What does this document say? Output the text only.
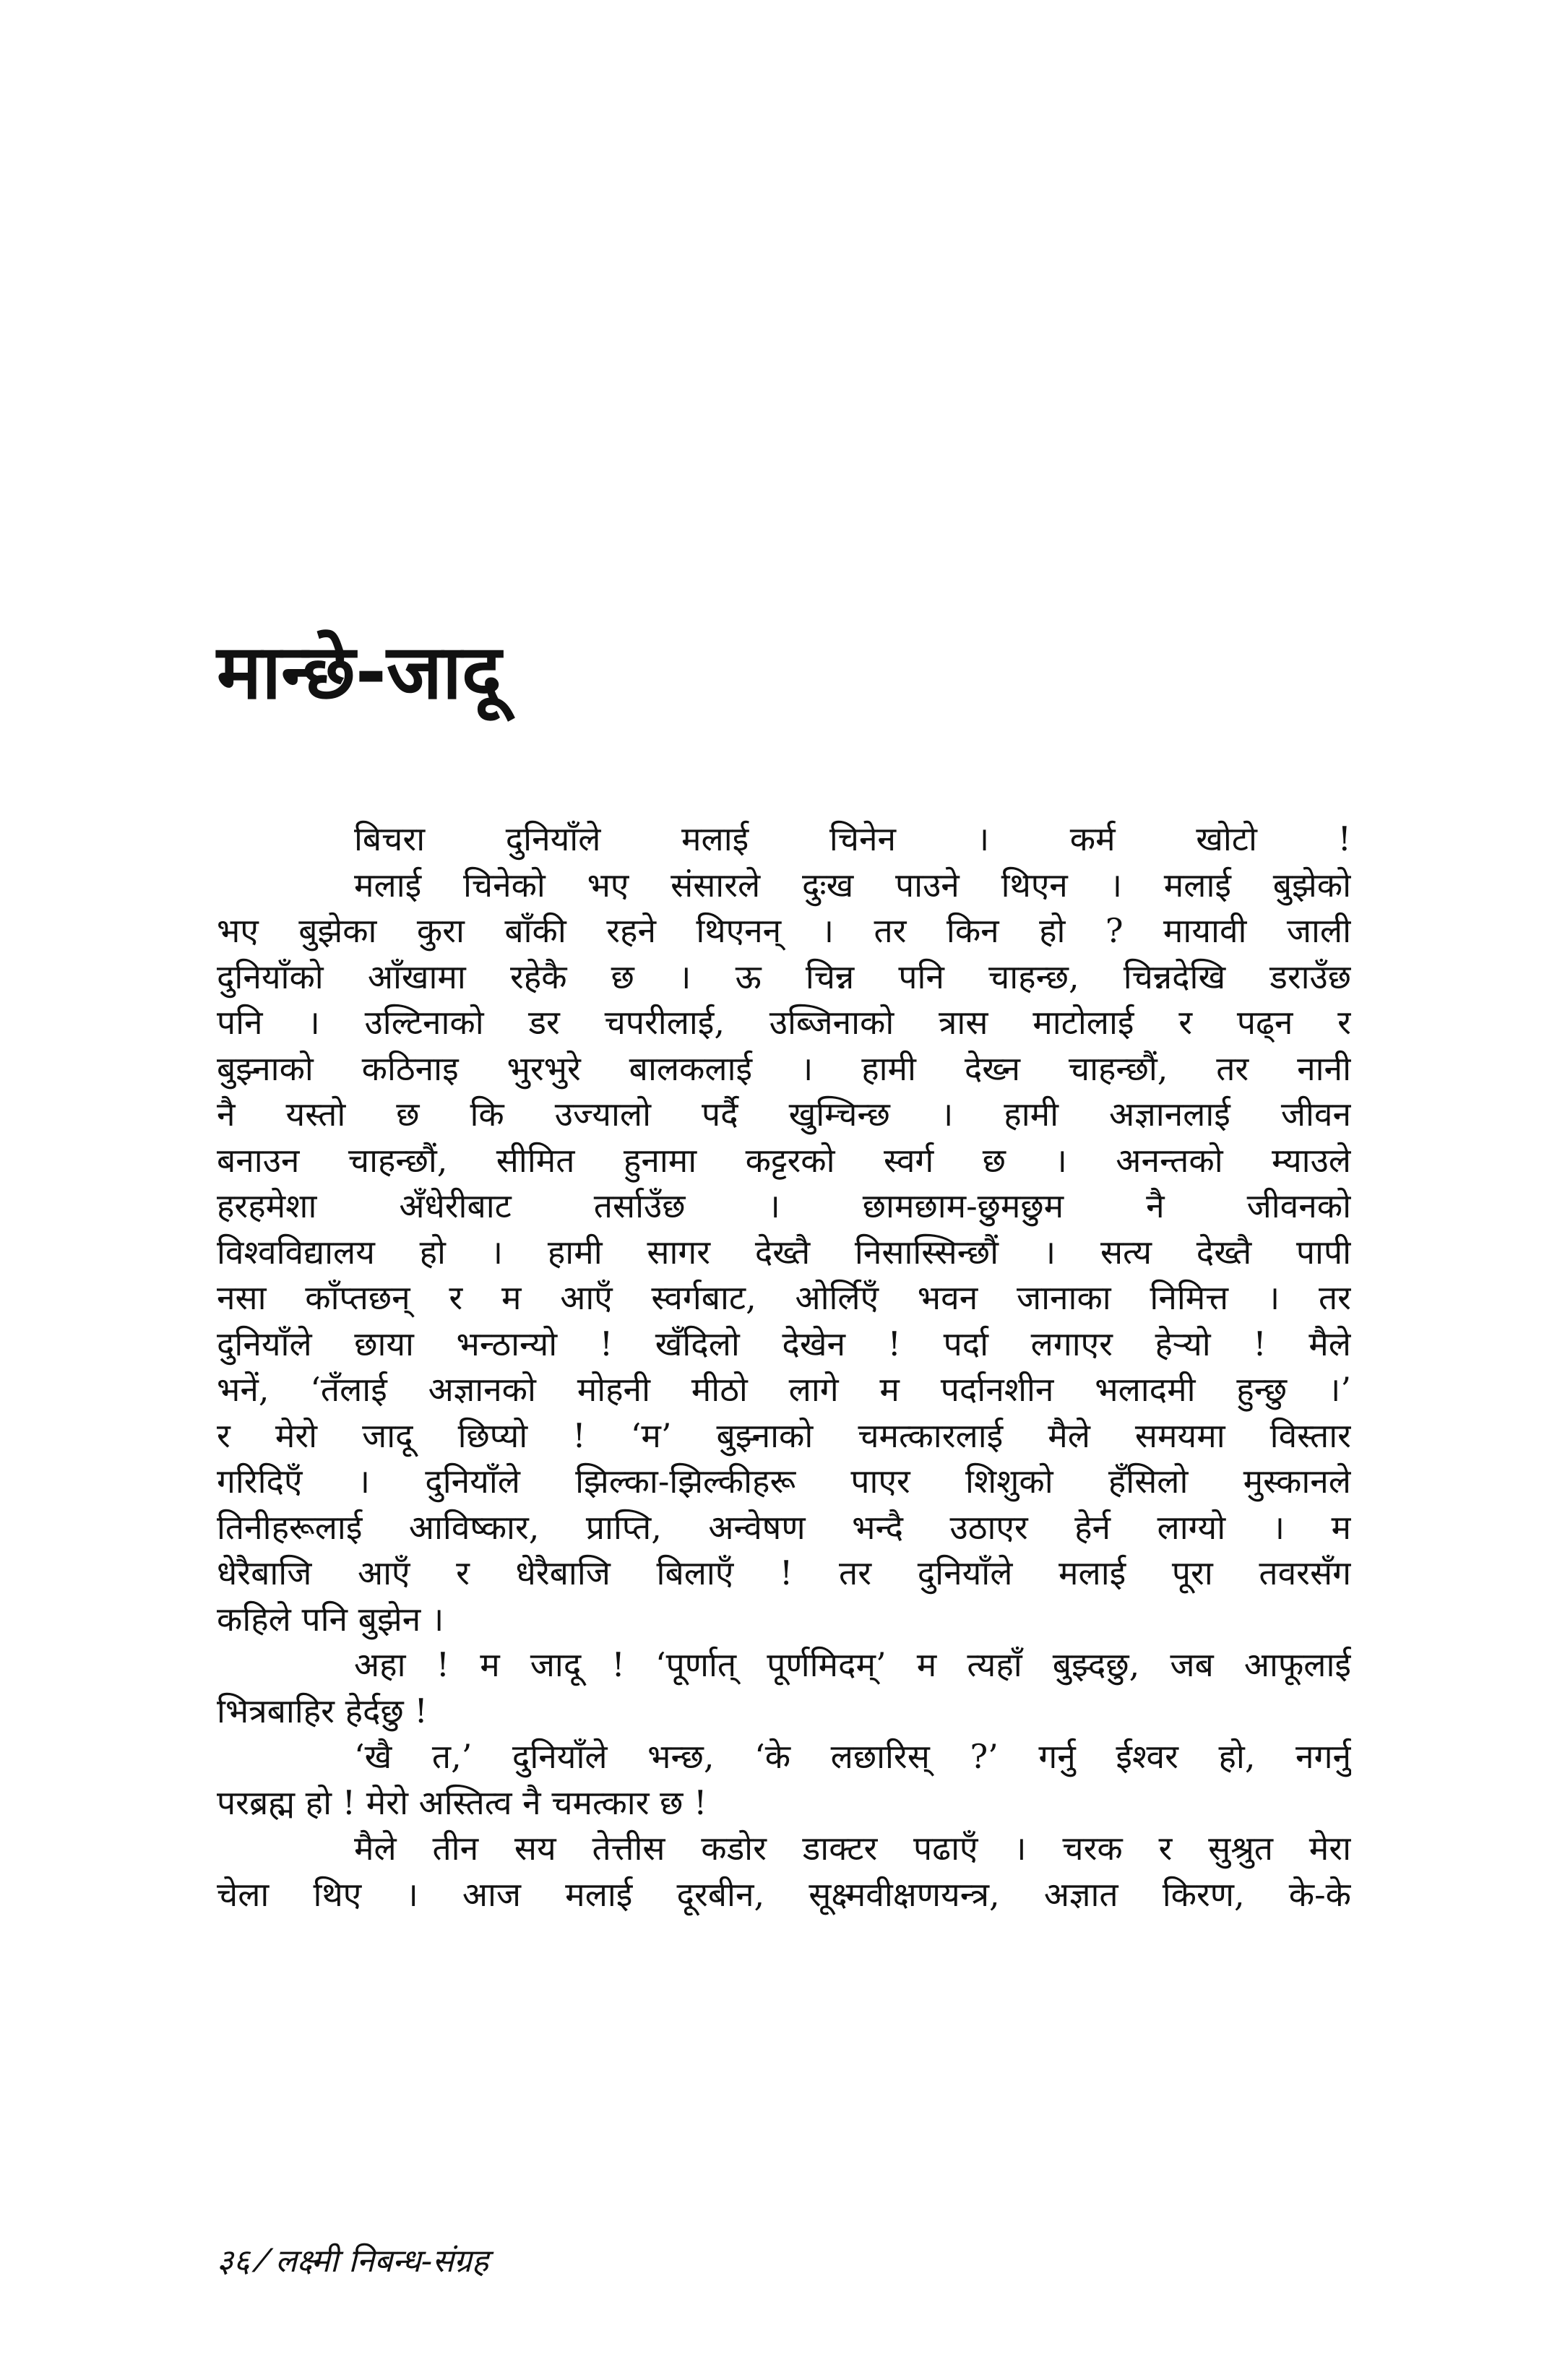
मान्छे-जादू
बिचरा दुनियाँले मलाई चिनेन । कर्म खोटो !
मलाई चिनेको भए संसारले दुःख पाउने थिएन । मलाई बुझेको
भए बुझेका कुरा बाँकी रहने थिएनन् । तर किन हो ? मायावी जाली
दुनियाँको आँखामा रहेकै छ । ऊ चिन्न पनि चाहन्छ, चिन्नदेखि डराउँछ
पनि । उल्टिनाको डर चपरीलाई, उब्जिनाको त्रास माटोलाई र पढ्न र
बुझ्नाको कठिनाइ भुरभुरे बालकलाई । हामी देख्न चाहन्छौं, तर नानी
नै यस्तो छ कि उज्यालो पर्दै खुम्चिन्छ । हामी अज्ञानलाई जीवन
बनाउन चाहन्छौं, सीमित हुनामा कट्टरको स्वर्ग छ । अनन्तको म्याउले
हरहमेशा अँधेरीबाट तर्साउँछ । छामछाम-छुमछुम नै जीवनको
विश्वविद्यालय हो । हामी सागर देख्तै निसास्सिन्छौं । सत्य देख्तै पापी
नसा काँप्तछन् र म आएँ स्वर्गबाट, ओर्लिएँ भवन जानाका निमित्त । तर
दुनियाँले छाया भन्ठान्यो ! खँदिलो देखेन ! पर्दा लगाएर हेऱ्यो ! मैले
भनें, ‘तँलाई अज्ञानको मोहनी मीठो लागे म पर्दानशीन भलादमी हुन्छु ।’
र मेरो जादू छिप्यो ! ‘म’ बुझ्नाको चमत्कारलाई मैले समयमा विस्तार
गरिदिएँ । दुनियाँले झिल्का-झिल्कीहरू पाएर शिशुको हँसिलो मुस्कानले
तिनीहरूलाई आविष्कार, प्राप्ति, अन्वेषण भन्दै उठाएर हेर्न लाग्यो । म
धेरैबाजि आएँ र धेरैबाजि बिलाएँ ! तर दुनियाँले मलाई पूरा तवरसँग
कहिले पनि बुझेन ।
अहा ! म जादू ! ‘पूर्णात् पूर्णमिदम्’ म त्यहाँ बुझ्दछु, जब आफूलाई
भित्रबाहिर हेर्दछु !
‘खै त,’ दुनियाँले भन्छ, ‘के लछारिस् ?’ गर्नु ईश्वर हो, नगर्नु
परब्रह्म हो ! मेरो अस्तित्व नै चमत्कार छ !
मैले तीन सय तेत्तीस कडोर डाक्टर पढाएँ । चरक र सुश्रुत मेरा
चेला थिए । आज मलाई दूरबीन, सूक्ष्मवीक्षणयन्त्र, अज्ञात किरण, के-के
३६ ⁄ लक्ष्मी निबन्ध-संग्रह
